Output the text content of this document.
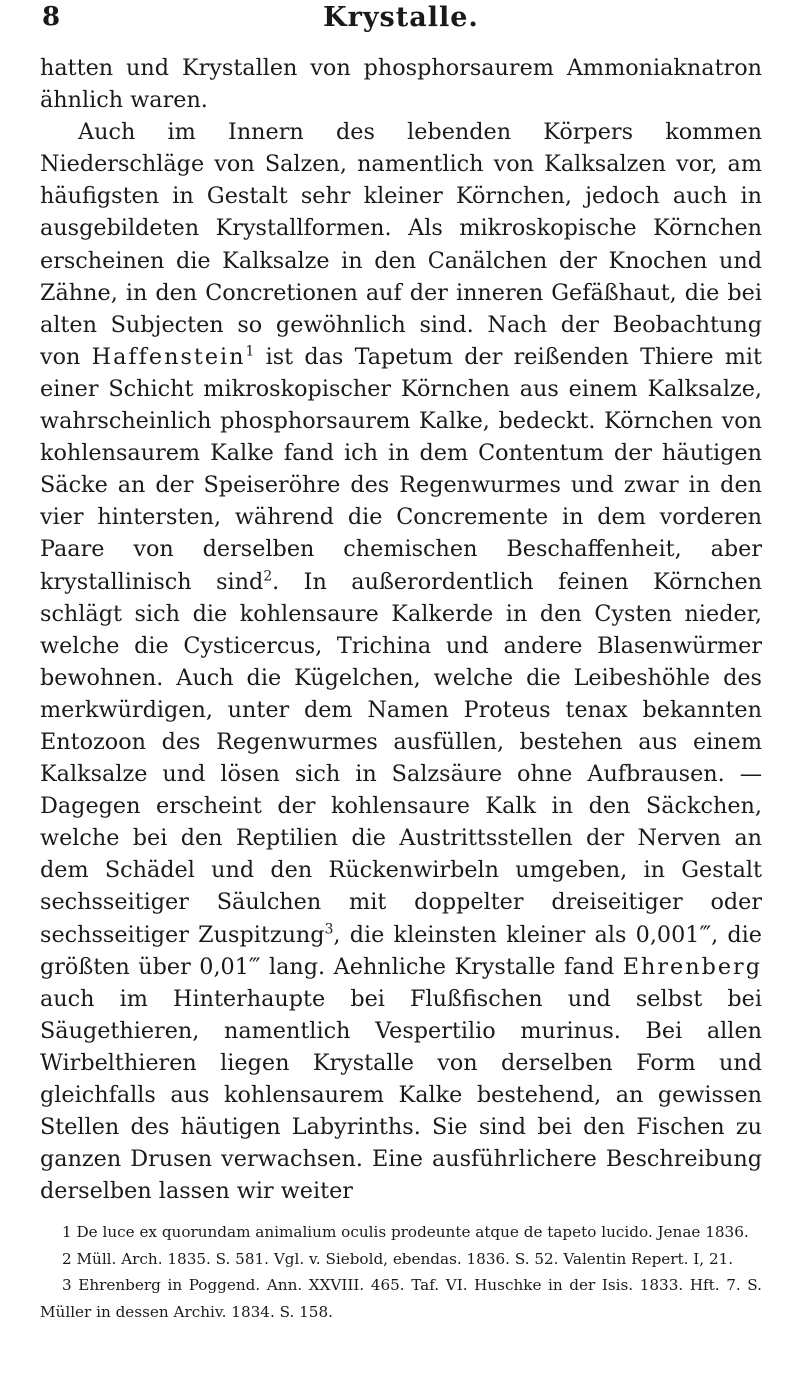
8	Krystalle.

hatten und Krystallen von phosphorsaurem Ammoniaknatron ähnlich waren.

Auch im Innern des lebenden Körpers kommen Niederschläge von Salzen, namentlich von Kalksalzen vor, am häufigsten in Gestalt sehr kleiner Körnchen, jedoch auch in ausgebildeten Krystallformen. Als mikroskopische Körnchen erscheinen die Kalksalze in den Canälchen der Knochen und Zähne, in den Concretionen auf der inneren Gefäßhaut, die bei alten Subjecten so gewöhnlich sind. Nach der Beobachtung von Haffenstein$^1$ ist das Tapetum der reißenden Thiere mit einer Schicht mikroskopischer Körnchen aus einem Kalksalze, wahrscheinlich phosphorsaurem Kalke, bedeckt. Körnchen von kohlensaurem Kalke fand ich in dem Contentum der häutigen Säcke an der Speiseröhre des Regenwurmes und zwar in den vier hintersten, während die Concremente in dem vorderen Paare von derselben chemischen Beschaffenheit, aber krystallinisch sind$^2$. In außerordentlich feinen Körnchen schlägt sich die kohlensaure Kalkerde in den Cysten nieder, welche die Cysticercus, Trichina und andere Blasenwürmer bewohnen. Auch die Kügelchen, welche die Leibeshöhle des merkwürdigen, unter dem Namen Proteus tenax bekannten Entozoon des Regenwurmes ausfüllen, bestehen aus einem Kalksalze und lösen sich in Salzsäure ohne Aufbrausen. — Dagegen erscheint der kohlensaure Kalk in den Säckchen, welche bei den Reptilien die Austrittsstellen der Nerven an dem Schädel und den Rückenwirbeln umgeben, in Gestalt sechsseitiger Säulchen mit doppelter dreiseitiger oder sechsseitiger Zuspitzung$^3$, die kleinsten kleiner als 0,001‴, die größten über 0,01‴ lang. Aehnliche Krystalle fand Ehrenberg auch im Hinterhaupte bei Flußfischen und selbst bei Säugethieren, namentlich Vespertilio murinus. Bei allen Wirbelthieren liegen Krystalle von derselben Form und gleichfalls aus kohlensaurem Kalke bestehend, an gewissen Stellen des häutigen Labyrinths. Sie sind bei den Fischen zu ganzen Drusen verwachsen. Eine ausführlichere Beschreibung derselben lassen wir weiter

1 De luce ex quorundam animalium oculis prodeunte atque de tapeto lucido. Jenae 1836.

2 Müll. Arch. 1835. S. 581. Vgl. v. Siebold, ebendas. 1836. S. 52. Valentin Repert. I, 21.

3 Ehrenberg in Poggend. Ann. XXVIII. 465. Taf. VI. Huschke in der Isis. 1833. Hft. 7. S. Müller in dessen Archiv. 1834. S. 158.
